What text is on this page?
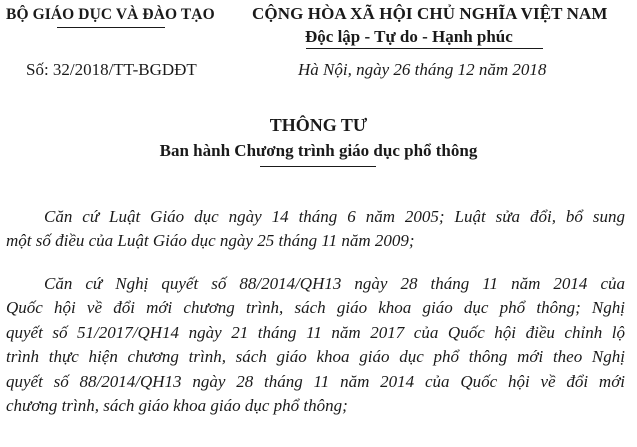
BỘ GIÁO DỤC VÀ ĐÀO TẠO CỘNG HÒA XÃ HỘI CHỦ NGHĨA VIỆT NAM
Độc lập - Tự do - Hạnh phúc
Số: 32/2018/TT-BGDĐT	Hà Nội, ngày 26 tháng 12 năm 2018
THÔNG TƯ
Ban hành Chương trình giáo dục phổ thông
Căn cứ Luật Giáo dục ngày 14 tháng 6 năm 2005; Luật sửa đổi, bổ sung
một số điều của Luật Giáo dục ngày 25 tháng 11 năm 2009;
Căn cứ Nghị quyết số 88/2014/QH13 ngày 28 tháng 11 năm 2014 của
Quốc hội về đổi mới chương trình, sách giáo khoa giáo dục phổ thông; Nghị
quyết số 51/2017/QH14 ngày 21 tháng 11 năm 2017 của Quốc hội điều chỉnh lộ
trình thực hiện chương trình, sách giáo khoa giáo dục phổ thông mới theo Nghị
quyết số 88/2014/QH13 ngày 28 tháng 11 năm 2014 của Quốc hội về đổi mới
chương trình, sách giáo khoa giáo dục phổ thông;
